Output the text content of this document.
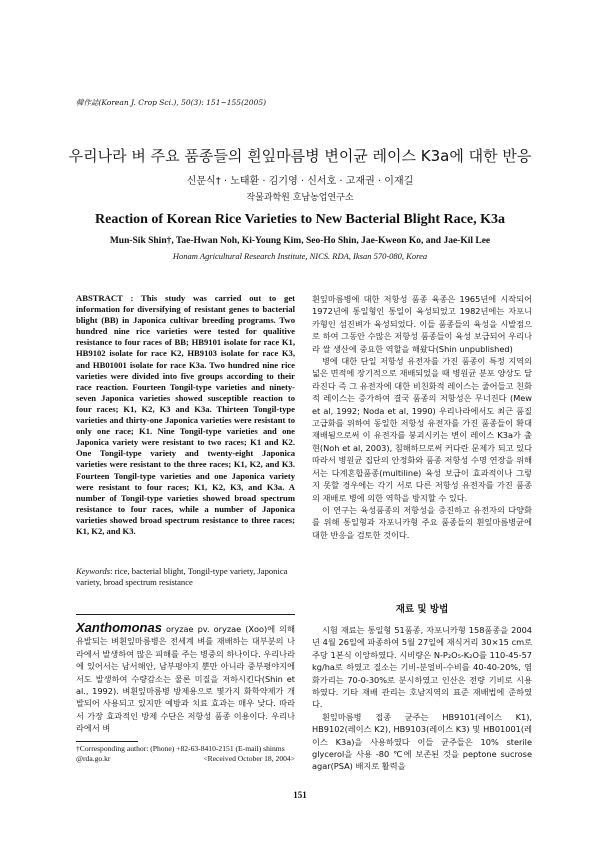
韓作誌(Korean J. Crop Sci.), 50(3): 151~155(2005)
우리나라 벼 주요 품종들의 흰잎마름병 변이균 레이스 K3a에 대한 반응
신문식† · 노태환 · 김기영 · 신서호 · 고재권 · 이재길
작물과학원 호남농업연구소
Reaction of Korean Rice Varieties to New Bacterial Blight Race, K3a
Mun-Sik Shin†, Tae-Hwan Noh, Ki-Young Kim, Seo-Ho Shin, Jae-Kweon Ko, and Jae-Kil Lee
Honam Agricultural Research Institute, NICS. RDA, Iksan 570-080, Korea
ABSTRACT : This study was carried out to get information for diversifying of resistant genes to bacterial blight (BB) in Japonica cultivar breeding programs. Two hundred nine rice varieties were tested for qualitive resistance to four races of BB; HB9101 isolate for race K1, HB9102 isolate for race K2, HB9103 isolate for race K3, and HB01001 isolate for race K3a. Two hundred nine rice varieties were divided into five groups according to their race reaction. Fourteen Tongil-type varieties and ninety-seven Japonica varieties showed susceptible reaction to four races; K1, K2, K3 and K3a. Thirteen Tongil-type varieties and thirty-one Japonica varieties were resistant to only one race; K1. Nine Tongil-type varieties and one Japonica variety were resistant to two races; K1 and K2. One Tongil-type variety and twenty-eight Japonica varieties were resistant to the three races; K1, K2, and K3. Fourteen Tongil-type varieties and one Japonica variety were resistant to four races; K1, K2, K3, and K3a. A number of Tongil-type varieties showed broad spectrum resistance to four races, while a number of Japonica varieties showed broad spectrum resistance to three races; K1, K2, and K3.
Keywords: rice, bacterial blight, Tongil-type variety, Japonica variety, broad spectrum resistance
Xanthomonas oryzae pv. oryzae (Xoo)에 의해 유발되는 벼흰잎마름병은 전세계 벼를 재배하는 대부분의 나라에서 발생하여 많은 피해를 주는 병중의 하나이다. 우리나라에 있어서는 남서해안, 남부평야지 뿐만 아니라 중부평야지에서도 발생하여 수량감소는 물론 미질을 저하시킨다(Shin et al., 1992). 벼흰잎마름병 방제용으로 몇가지 화학약제가 개발되어 사용되고 있지만 예방과 치료 효과는 매우 낮다. 따라서 가장 효과적인 방제 수단은 저항성 품종 이용이다. 우리나라에서 벼
†Corresponding author: (Phone) +82-63-8410-2151 (E-mail) shinms @rda.go.kr	<Received October 18, 2004>

흰잎마름병에 대한 저항성 품종 육종은 1965년에 시작되어 1972년에 통일형인 통일이 육성되었고 1982년에는 자포니카형인 섬진벼가 육성되었다. 이들 품종들의 육성을 시발점으로 하여 그동안 수많은 저항성 품종들이 육성 보급되어 우리나라 쌀 생산에 중요한 역할을 해왔다(Shin unpublished)

병에 대한 단일 저항성 유전자를 가진 품종이 특정 지역의 넓은 면적에 장기적으로 재배되었을 때 병원균 분포 양상도 달라진다 즉 그 유전자에 대한 비친화적 레이스는 줄어들고 친화적 레이스는 증가하여 결국 품종의 저항성은 무너진다 (Mew et al, 1992; Noda et al, 1990) 우리나라에서도 최근 품질 고급화를 위하여 동일한 저항성 유전자를 가진 품종들이 확대 재배됨으로써 이 유전자를 붕괴시키는 변이 레이스 K3a가 출현(Noh et al, 2003), 침해하므로써 커다란 문제가 되고 있다 따라서 병원균 집단의 안정화와 품종 저항성 수명 연장을 위해서는 다계혼합품종(multiline) 육성 보급이 효과적이나 그렇지 못할 경우에는 각기 서로 다른 저항성 유전자를 가진 품종의 재배로 병에 의한 역학을 방지할 수 있다.

이 연구는 육성품종의 저항성을 증진하고 유전자의 다양화를 위해 통일형과 자포니카형 주요 품종들의 흰잎마름병균에 대한 반응을 검토한 것이다.

재료 및 방법

시험 재료는 통일형 51품종, 자포니카형 158품종을 2004년 4월 26일에 파종하여 5월 27일에 재식거리 30×15 cm로 주당 1본식 이앙하였다. 시비량은 N-P₂O₅-K₂O를 110-45-57 kg/ha로 하였고 질소는 기비-분얼비-수비를 40-40-20%, 염화가리는 70-0-30%로 분시하였고 인산은 전량 기비로 시용하였다. 기타 재배 관리는 호남지역의 표준 재배법에 준하였다.

흰잎마름병 접종 균주는 HB9101(레이스 K1), HB9102(레이스 K2), HB9103(레이스 K3) 및 HB01001(레이스 K3a)을 사용하였다 이들 균주들은 10% sterile glycerol을 사용 -80 ℃에 보존된 것을 peptone sucrose agar(PSA) 배지로 활력을

151
